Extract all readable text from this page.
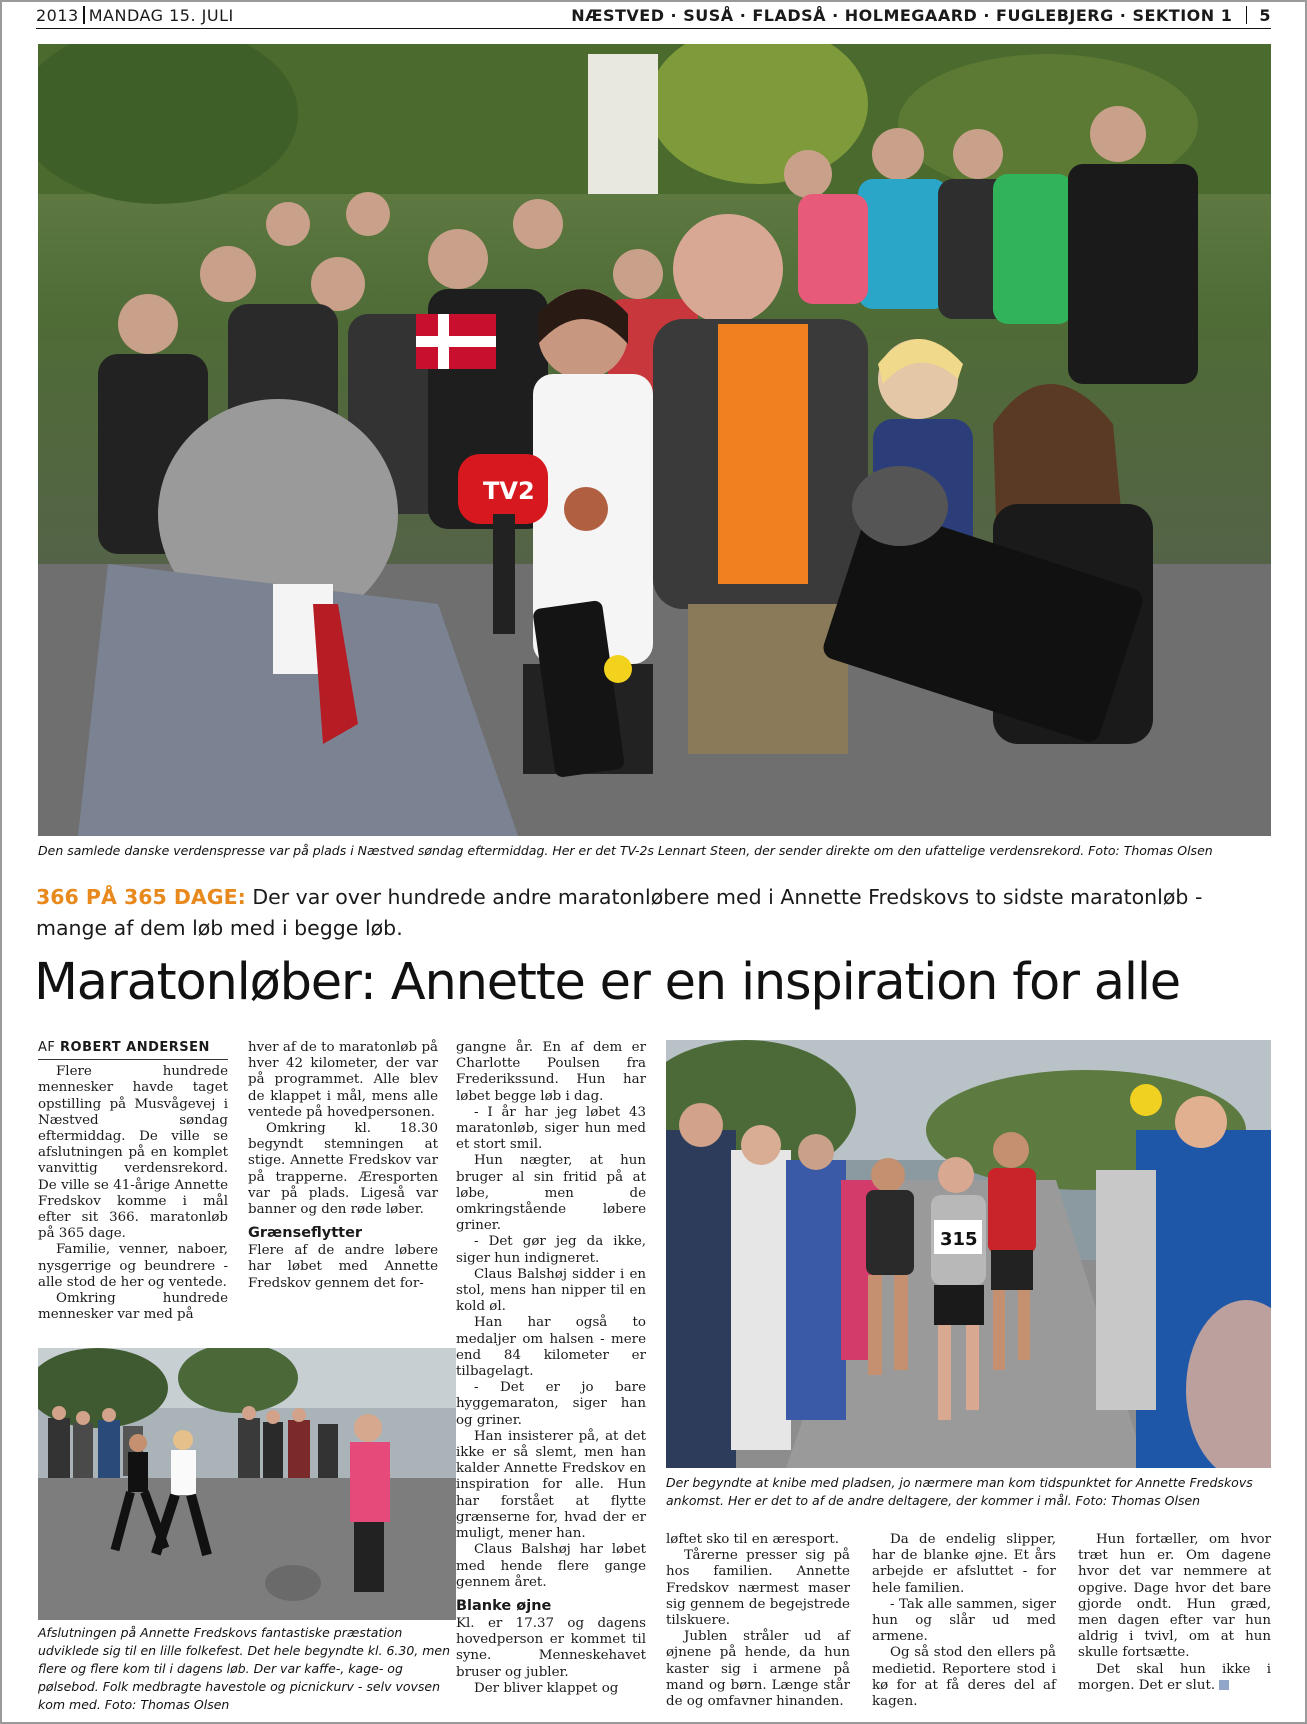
2013 MANDAG 15. JULI	NÆSTVED · SUSÅ · FLADSÅ · HOLMEGAARD · FUGLEBJERG · SEKTION 1 5
TV2
Den samlede danske verdenspresse var på plads i Næstved søndag eftermiddag. Her er det TV-2s Lennart Steen, der sender direkte om den ufattelige verdensrekord. Foto: Thomas Olsen
366 PÅ 365 DAGE: Der var over hundrede andre maratonløbere med i Annette Fredskovs to sidste maratonløb - mange af dem løb med i begge løb.
Maratonløber: Annette er en inspiration for alle
315
Der begyndte at knibe med pladsen, jo nærmere man kom tidspunktet for Annette Fredskovs ankomst. Her er det to af de andre deltagere, der kommer i mål. Foto: Thomas Olsen
Afslutningen på Annette Fredskovs fantastiske præstation udviklede sig til en lille folkefest. Det hele begyndte kl. 6.30, men flere og flere kom til i dagens løb. Der var kaffe-, kage- og pølsebod. Folk medbragte havestole og picnickurv - selv vovsen kom med. Foto: Thomas Olsen
AF ROBERT ANDERSEN

Flere hundrede mennesker havde taget opstilling på Musvågevej i Næstved søndag eftermiddag. De ville se afslutningen på en komplet vanvittig verdensrekord. De ville se 41-årige Annette Fredskov komme i mål efter sit 366. maratonløb på 365 dage.

Familie, venner, naboer, nysgerrige og beundrere - alle stod de her og ventede.

Omkring hundrede mennesker var med på

hver af de to maratonløb på hver 42 kilometer, der var på programmet. Alle blev de klappet i mål, mens alle ventede på hovedpersonen.

Omkring kl. 18.30 begyndt stemningen at stige. Annette Fredskov var på trapperne. Æresporten var på plads. Ligeså var banner og den røde løber.

Grænseflytter

Flere af de andre løbere har løbet med Annette Fredskov gennem det for-

gangne år. En af dem er Charlotte Poulsen fra Frederikssund. Hun har løbet begge løb i dag.

- I år har jeg løbet 43 maratonløb, siger hun med et stort smil.

Hun nægter, at hun bruger al sin fritid på at løbe, men de omkringstående løbere griner.

- Det gør jeg da ikke, siger hun indigneret.

Claus Balshøj sidder i en stol, mens han nipper til en kold øl.

Han har også to medaljer om halsen - mere end 84 kilometer er tilbagelagt.

- Det er jo bare hyggemaraton, siger han og griner.

Han insisterer på, at det ikke er så slemt, men han kalder Annette Fredskov en inspiration for alle. Hun har forstået at flytte grænserne for, hvad der er muligt, mener han.

Claus Balshøj har løbet med hende flere gange gennem året.

Blanke øjne

Kl. er 17.37 og dagens hovedperson er kommet til syne. Menneskehavet bruser og jubler.

Der bliver klappet og

løftet sko til en æresport.

Tårerne presser sig på hos familien. Annette Fredskov nærmest maser sig gennem de begejstrede tilskuere.

Jublen stråler ud af øjnene på hende, da hun kaster sig i armene på mand og børn. Længe står de og omfavner hinanden.

Da de endelig slipper, har de blanke øjne. Et års arbejde er afsluttet - for hele familien.

- Tak alle sammen, siger hun og slår ud med armene.

Og så stod den ellers på medietid. Reportere stod i kø for at få deres del af kagen.

Hun fortæller, om hvor træt hun er. Om dagene hvor det var nemmere at opgive. Dage hvor det bare gjorde ondt. Hun græd, men dagen efter var hun aldrig i tvivl, om at hun skulle fortsætte.

Det skal hun ikke i morgen. Det er slut.
